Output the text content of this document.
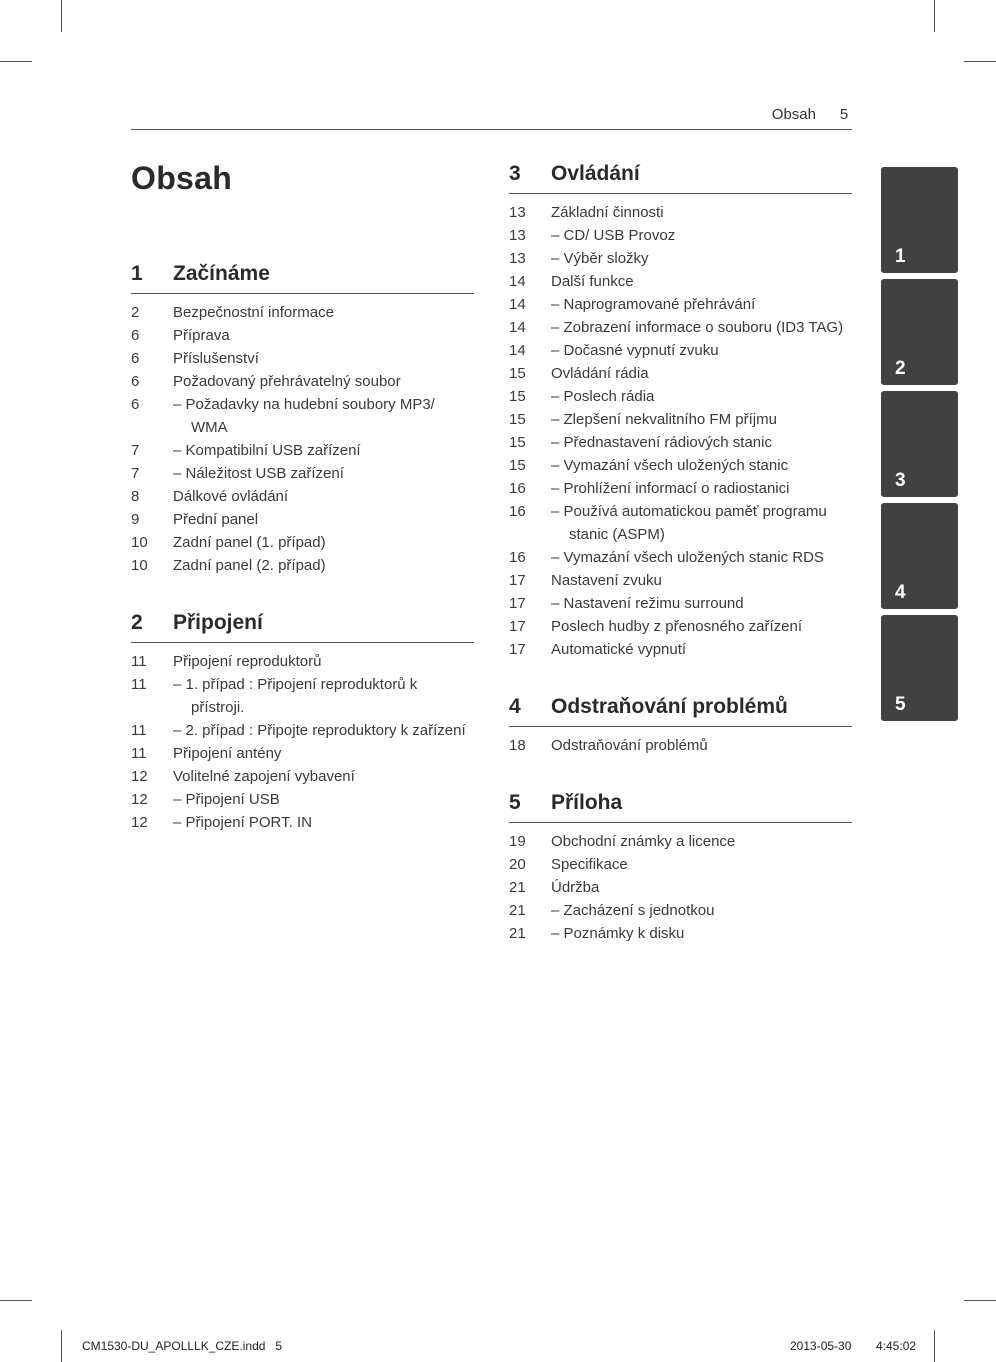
Obsah 5
Obsah
1	Začínáme
2	Bezpečnostní informace
6	Příprava
6	Příslušenství
6	Požadovaný přehrávatelný soubor
6	– Požadavky na hudební soubory MP3/ WMA
7	– Kompatibilní USB zařízení
7	– Náležitost USB zařízení
8	Dálkové ovládání
9	Přední panel
10	Zadní panel (1. případ)
10	Zadní panel (2. případ)
2	Připojení
11	Připojení reproduktorů
11	– 1. případ : Připojení reproduktorů k přístroji.
11	– 2. případ : Připojte reproduktory k zařízení
11	Připojení antény
12	Volitelné zapojení vybavení
12	– Připojení USB
12	– Připojení PORT. IN
3	Ovládání
13	Základní činnosti
13	– CD/ USB Provoz
13	– Výběr složky
14	Další funkce
14	– Naprogramované přehrávání
14	– Zobrazení informace o souboru (ID3 TAG)
14	– Dočasné vypnutí zvuku
15	Ovládání rádia
15	– Poslech rádia
15	– Zlepšení nekvalitního FM příjmu
15	– Přednastavení rádiových stanic
15	– Vymazání všech uložených stanic
16	– Prohlížení informací o radiostanici
16	– Používá automatickou paměť programu stanic (ASPM)
16	– Vymazání všech uložených stanic RDS
17	Nastavení zvuku
17	– Nastavení režimu surround
17	Poslech hudby z přenosného zařízení
17	Automatické vypnutí
4	Odstraňování problémů
18	Odstraňování problémů
5	Příloha
19	Obchodní známky a licence
20	Specifikace
21	Údržba
21	– Zacházení s jednotkou
21	– Poznámky k disku
1
2
3
4
5
CM1530-DU_APOLLLK_CZE.indd   5	2013-05-30 4:45:02
